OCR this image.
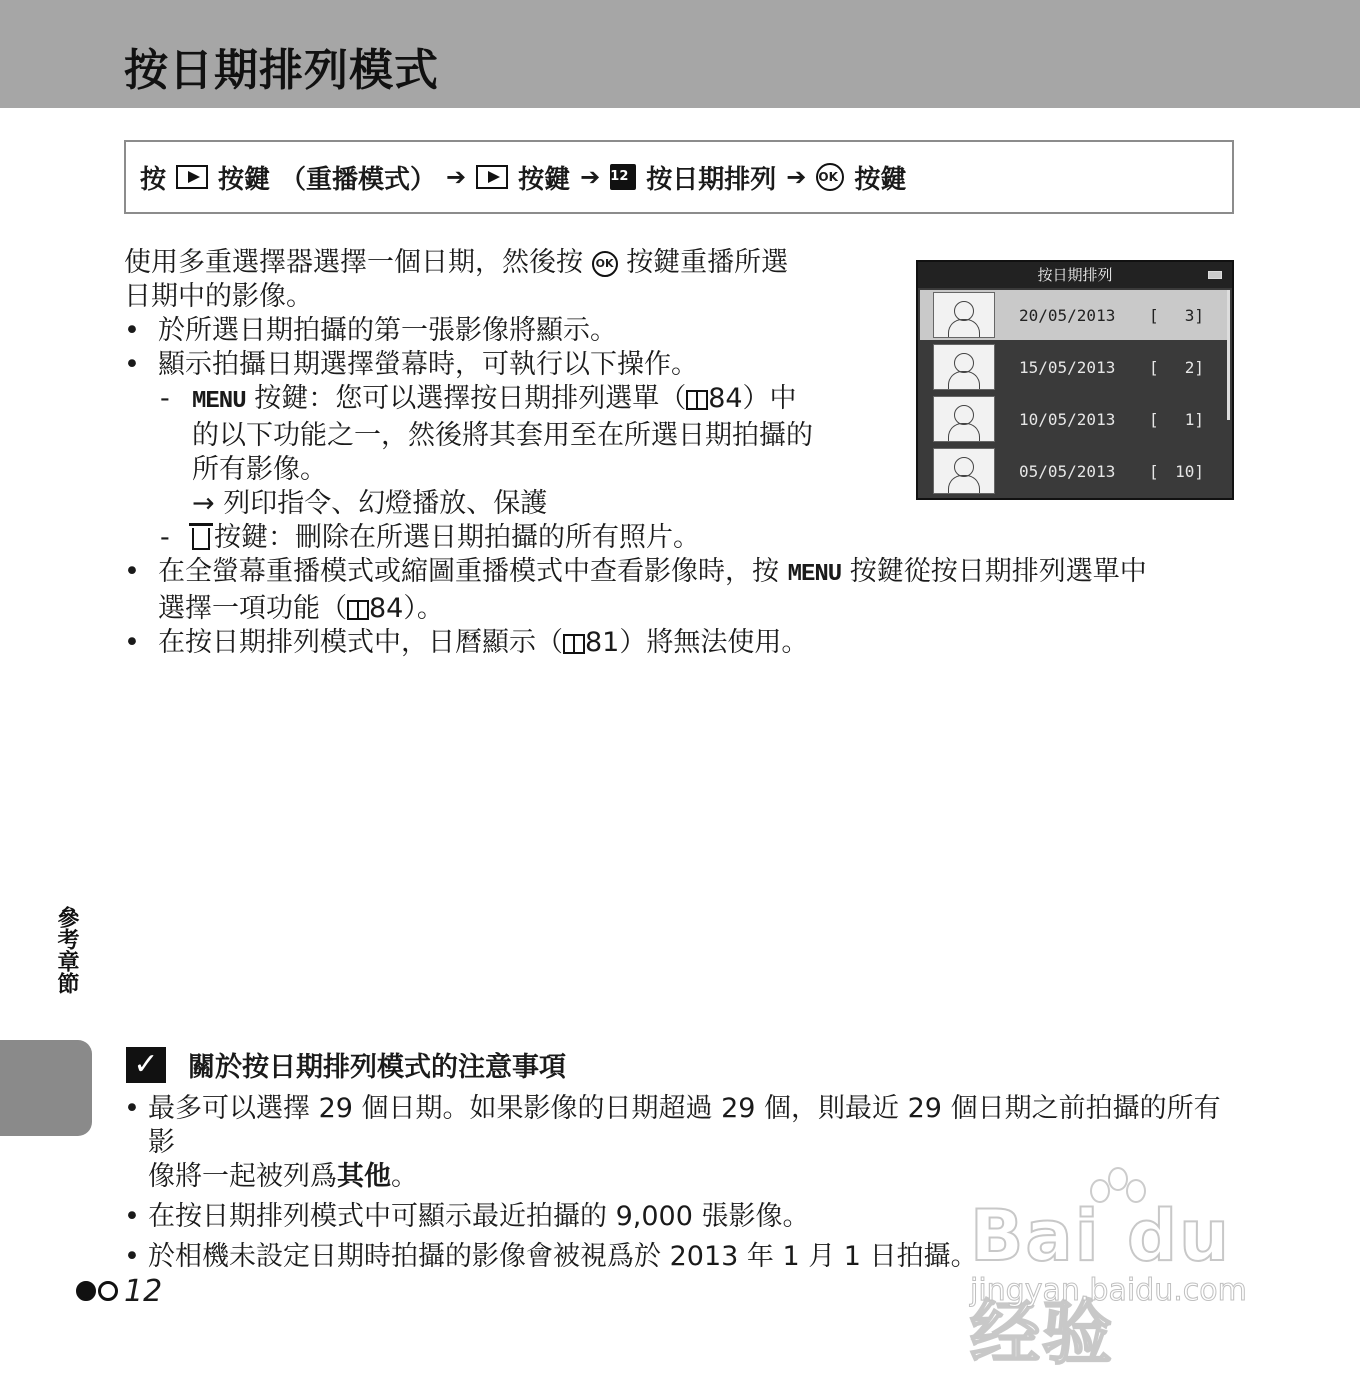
按日期排列模式
按 按鍵 （重播模式） ➔ 按鍵 ➔ 12 按日期排列 ➔ OK 按鍵
使用多重選擇器選擇一個日期，然後按 OK 按鍵重播所選
日期中的影像。
• 於所選日期拍攝的第一張影像將顯示。
• 顯示拍攝日期選擇螢幕時，可執行以下操作。
- MENU 按鍵：您可以選擇按日期排列選單（ 84）中
的以下功能之一，然後將其套用至在所選日期拍攝的
所有影像。
→ 列印指令、幻燈播放、保護
- 按鍵：刪除在所選日期拍攝的所有照片。
• 在全螢幕重播模式或縮圖重播模式中查看影像時，按 MENU 按鍵從按日期排列選單中
選擇一項功能（ 84）。
• 在按日期排列模式中，日曆顯示（ 81）將無法使用。
按日期排列
20/05/2013	[ 3]
15/05/2013	[ 2]
10/05/2013	[ 1]
05/05/2013	[ 10]
參考章節
✓ 關於按日期排列模式的注意事項
• 最多可以選擇 29 個日期。如果影像的日期超過 29 個，則最近 29 個日期之前拍攝的所有影
像將一起被列爲其他。
• 在按日期排列模式中可顯示最近拍攝的 9,000 張影像。
• 於相機未設定日期時拍攝的影像會被視爲於 2013 年 1 月 1 日拍攝。
12
Bai du 经验
jingyan.baidu.com
